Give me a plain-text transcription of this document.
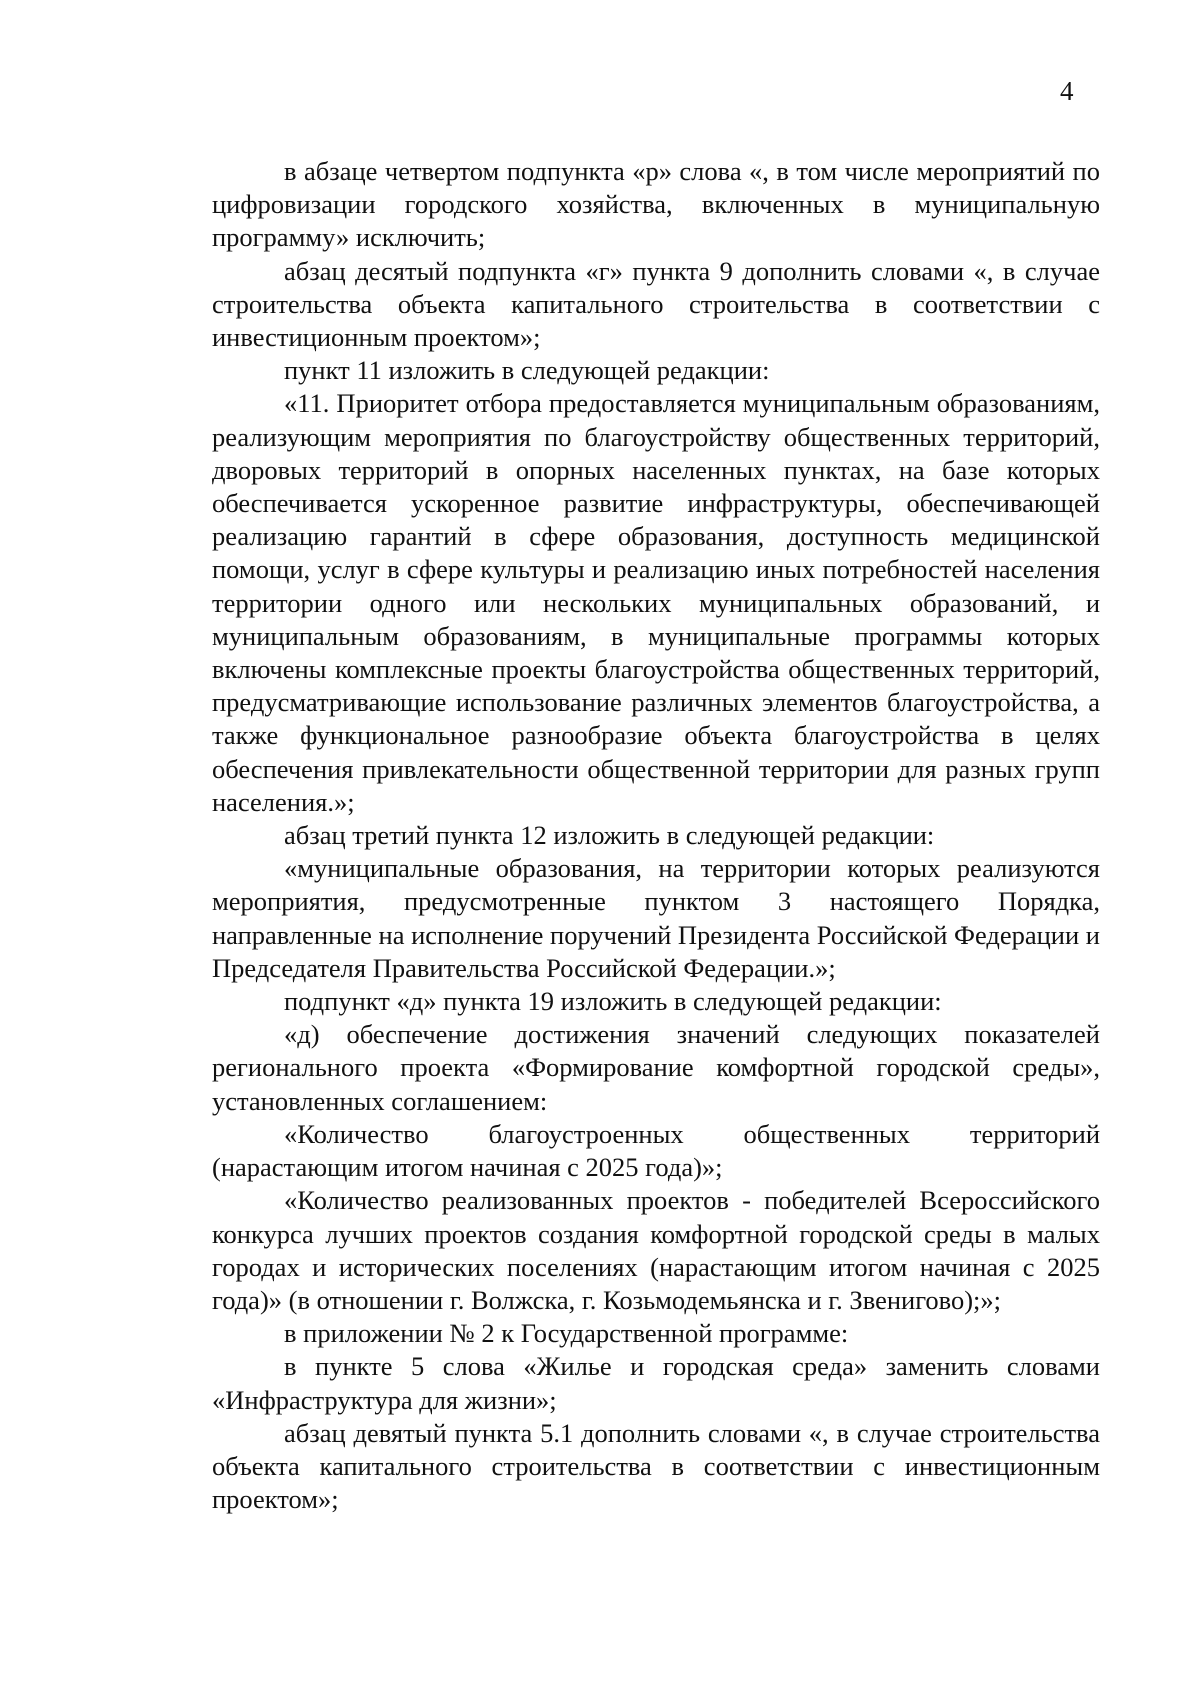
4

в абзаце четвертом подпункта «р» слова «, в том числе мероприятий по цифровизации городского хозяйства, включенных в муниципальную программу» исключить;

абзац десятый подпункта «г» пункта 9 дополнить словами «, в случае строительства объекта капитального строительства в соответствии с инвестиционным проектом»;

пункт 11 изложить в следующей редакции:

«11. Приоритет отбора предоставляется муниципальным образованиям, реализующим мероприятия по благоустройству общественных территорий, дворовых территорий в опорных населенных пунктах, на базе которых обеспечивается ускоренное развитие инфраструктуры, обеспечивающей реализацию гарантий в сфере образования, доступность медицинской помощи, услуг в сфере культуры и реализацию иных потребностей населения территории одного или нескольких муниципальных образований, и муниципальным образованиям, в муниципальные программы которых включены комплексные проекты благоустройства общественных территорий, предусматривающие использование различных элементов благоустройства, а также функциональное разнообразие объекта благоустройства в целях обеспечения привлекательности общественной территории для разных групп населения.»;

абзац третий пункта 12 изложить в следующей редакции:

«муниципальные образования, на территории которых реализуются мероприятия, предусмотренные пунктом 3 настоящего Порядка, направленные на исполнение поручений Президента Российской Федерации и Председателя Правительства Российской Федерации.»;

подпункт «д» пункта 19 изложить в следующей редакции:

«д) обеспечение достижения значений следующих показателей регионального проекта «Формирование комфортной городской среды», установленных соглашением:

«Количество благоустроенных общественных территорий (нарастающим итогом начиная с 2025 года)»;

«Количество реализованных проектов - победителей Всероссийского конкурса лучших проектов создания комфортной городской среды в малых городах и исторических поселениях (нарастающим итогом начиная с 2025 года)» (в отношении г. Волжска, г. Козьмодемьянска и г. Звенигово);»;

в приложении № 2 к Государственной программе:

в пункте 5 слова «Жилье и городская среда» заменить словами «Инфраструктура для жизни»;

абзац девятый пункта 5.1 дополнить словами «, в случае строительства объекта капитального строительства в соответствии с инвестиционным проектом»;
